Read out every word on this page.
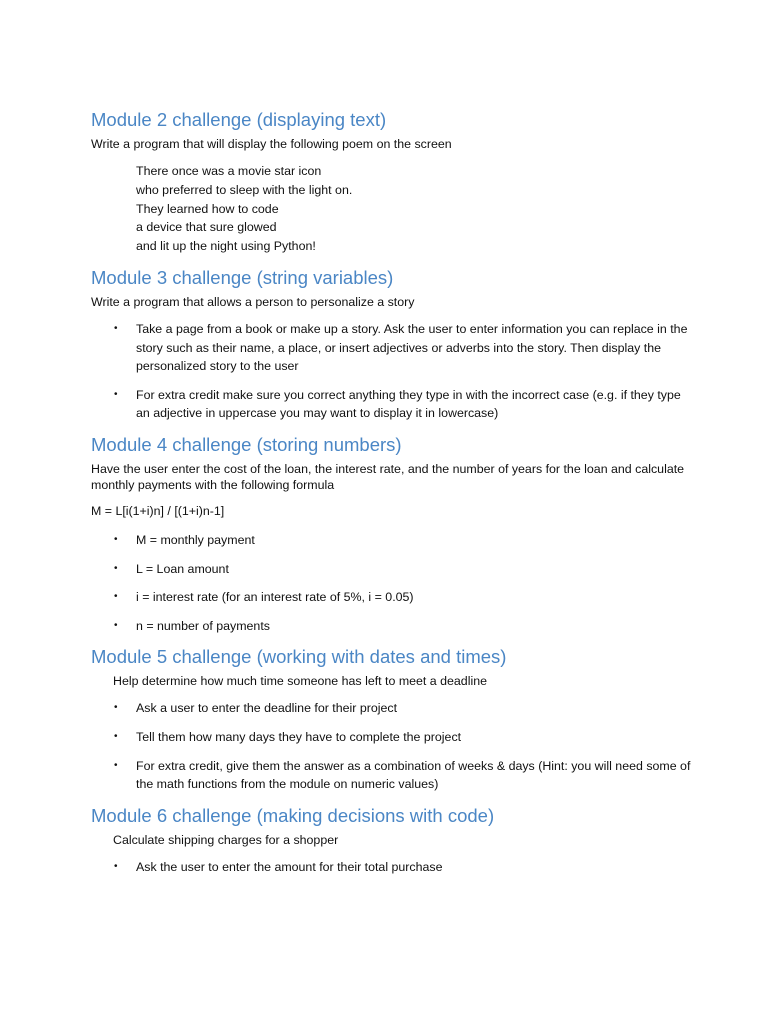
Module 2 challenge (displaying text)

Write a program that will display the following poem on the screen

There once was a movie star icon
who preferred to sleep with the light on.
They learned how to code
a device that sure glowed
and lit up the night using Python!
Module 3 challenge (string variables)

Write a program that allows a person to personalize a story

• Take a page from a book or make up a story. Ask the user to enter information you can replace in the story such as their name, a place, or insert adjectives or adverbs into the story. Then display the personalized story to the user
• For extra credit make sure you correct anything they type in with the incorrect case (e.g. if they type an adjective in uppercase you may want to display it in lowercase)
Module 4 challenge (storing numbers)

Have the user enter the cost of the loan, the interest rate, and the number of years for the loan and calculate monthly payments with the following formula

M = L[i(1+i)n] / [(1+i)n-1]

• M = monthly payment
• L = Loan amount
• i = interest rate (for an interest rate of 5%, i = 0.05)
• n = number of payments
Module 5 challenge (working with dates and times)

Help determine how much time someone has left to meet a deadline

• Ask a user to enter the deadline for their project
• Tell them how many days they have to complete the project
• For extra credit, give them the answer as a combination of weeks & days (Hint: you will need some of the math functions from the module on numeric values)
Module 6 challenge (making decisions with code)

Calculate shipping charges for a shopper

• Ask the user to enter the amount for their total purchase
